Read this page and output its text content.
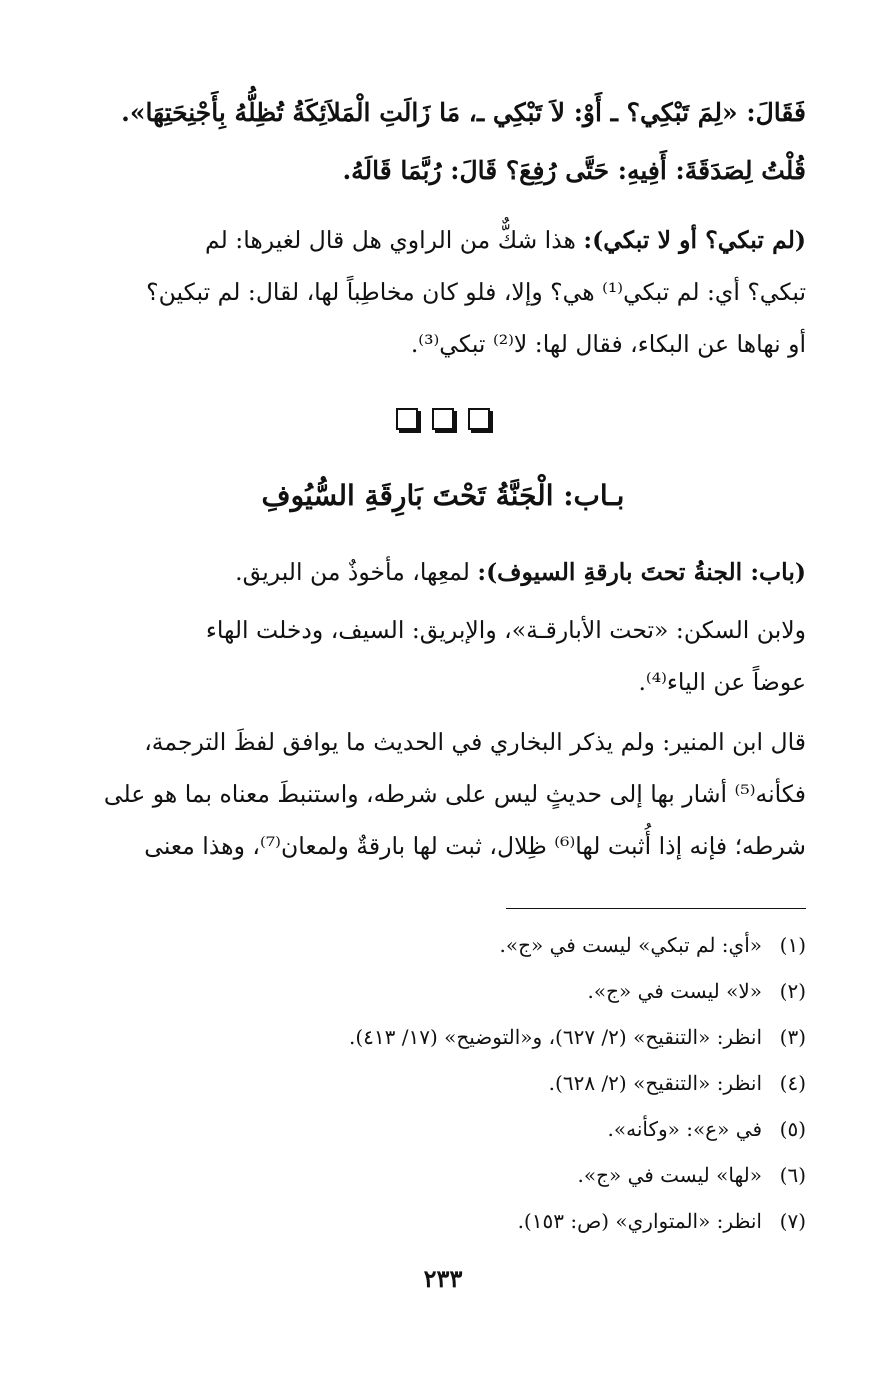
فَقَالَ: «لِمَ تَبْكِي؟ ـ أَوْ: لاَ تَبْكِي ـ، مَا زَالَتِ الْمَلاَئِكَةُ تُظِلُّهُ بِأَجْنِحَتِهَا».
قُلْتُ لِصَدَقَةَ: أَفِيهِ: حَتَّى رُفِعَ؟ قَالَ: رُبَّمَا قَالَهُ.
(لم تبكي؟ أو لا تبكي): هذا شكٌّ من الراوي هل قال لغيرها: لم
تبكي؟ أي: لم تبكي⁽¹⁾ هي؟ وإلا، فلو كان مخاطِباً لها، لقال: لم تبكين؟
أو نهاها عن البكاء، فقال لها: لا⁽²⁾ تبكي⁽³⁾.
بـاب: الْجَنَّةُ تَحْتَ بَارِقَةِ السُّيُوفِ
(باب: الجنةُ تحتَ بارقةِ السيوف): لمعِها، مأخوذٌ من البريق.
ولابن السكن: «تحت الأبارقـة»، والإبريق: السيف، ودخلت الهاء
عوضاً عن الياء⁽⁴⁾.
قال ابن المنير: ولم يذكر البخاري في الحديث ما يوافق لفظَ الترجمة،
فكأنه⁽⁵⁾ أشار بها إلى حديثٍ ليس على شرطه، واستنبطَ معناه بما هو على
شرطه؛ فإنه إذا أُثبت لها⁽⁶⁾ ظِلال، ثبت لها بارقةٌ ولمعان⁽⁷⁾، وهذا معنى
(١)«أي: لم تبكي» ليست في «ج».
(٢)«لا» ليست في «ج».
(٣)انظر: «التنقيح» (٢/ ٦٢٧)، و«التوضيح» (١٧/ ٤١٣).
(٤)انظر: «التنقيح» (٢/ ٦٢٨).
(٥)في «ع»: «وكأنه».
(٦)«لها» ليست في «ج».
(٧)انظر: «المتواري» (ص: ١٥٣).
٢٣٣
